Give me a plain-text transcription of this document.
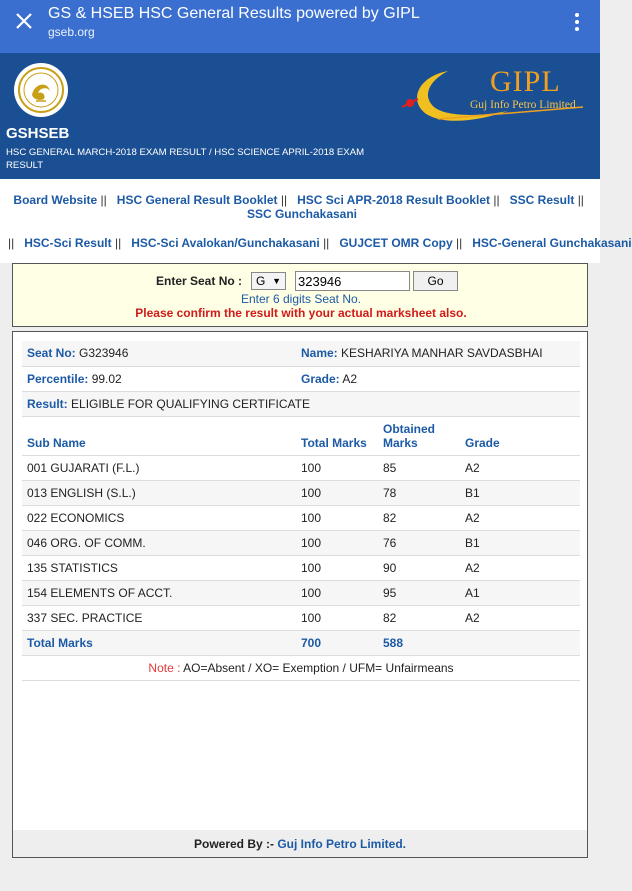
GS & HSEB HSC General Results powered by GIPL
gseb.org
GSHSEB
HSC GENERAL MARCH-2018 EXAM RESULT / HSC SCIENCE APRIL-2018 EXAM RESULT
GIPL
Guj Info Petro Limited
Board Website || HSC General Result Booklet || HSC Sci APR-2018 Result Booklet || SSC Result ||   SSC Gunchakasani
|| HSC-Sci Result || HSC-Sci Avalokan/Gunchakasani || GUJCET OMR Copy || HSC-General Gunchakasani
Enter Seat No :	G ▼
323946	Go
Enter 6 digits Seat No.
Please confirm the result with your actual marksheet also.
Seat No: G323946	Name: KESHARIYA MANHAR SAVDASBHAI		
Percentile: 99.02	Grade: A2		
Result: ELIGIBLE FOR QUALIFYING CERTIFICATE			
Sub Name	Total Marks	Obtained Marks	Grade
001 GUJARATI (F.L.)	100	85	A2
013 ENGLISH (S.L.)	100	78	B1
022 ECONOMICS	100	82	A2
046 ORG. OF COMM.	100	76	B1
135 STATISTICS	100	90	A2
154 ELEMENTS OF ACCT.	100	95	A1
337 SEC. PRACTICE	100	82	A2
Total Marks	700	588	
Note : AO=Absent / XO= Exemption / UFM= Unfairmeans			
Powered By :- Guj Info Petro Limited.
